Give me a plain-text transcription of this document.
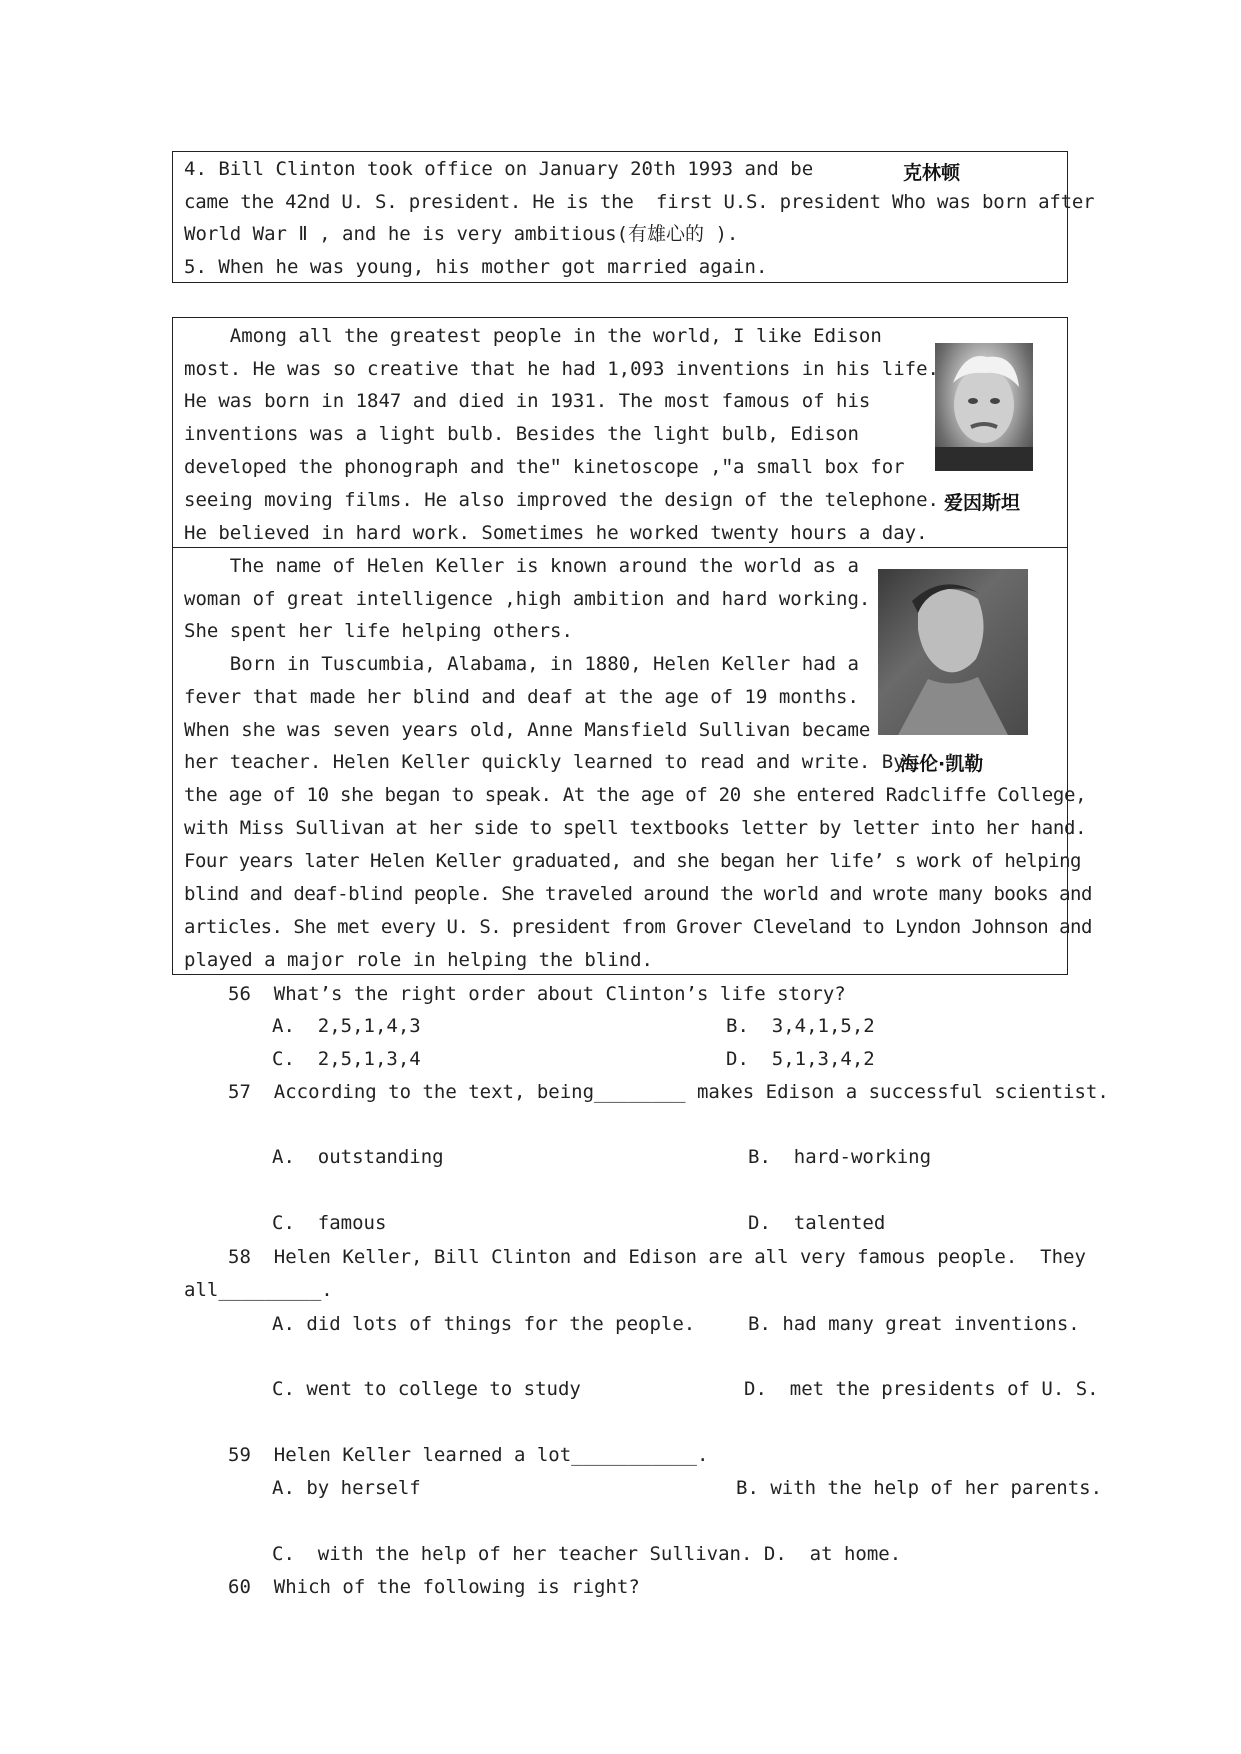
克林顿
4. Bill Clinton took office on January 20th 1993 and be
came the 42nd U. S. president. He is the  first U.S. president Who was born after
World War Ⅱ , and he is very ambitious(有雄心的 ).
5. When he was young, his mother got married again.
爱因斯坦
Among all the greatest people in the world, I like Edison
most. He was so creative that he had 1,093 inventions in his life.
He was born in 1847 and died in 1931. The most famous of his
inventions was a light bulb. Besides the light bulb, Edison
developed the phonograph and theʺ kinetoscope ,ʺa small box for
seeing moving films. He also improved the design of the telephone.
He believed in hard work. Sometimes he worked twenty hours a day.
海伦·凯勒
The name of Helen Keller is known around the world as a
woman of great intelligence ,high ambition and hard working.
She spent her life helping others.
Born in Tuscumbia, Alabama, in 1880, Helen Keller had a
fever that made her blind and deaf at the age of 19 months.
When she was seven years old, Anne Mansfield Sullivan became
her teacher. Helen Keller quickly learned to read and write. By
the age of 10 she began to speak. At the age of 20 she entered Radcliffe College,
with Miss Sullivan at her side to spell textbooks letter by letter into her hand.
Four years later Helen Keller graduated, and she began her life’ s work of helping
blind and deaf-blind people. She traveled around the world and wrote many books and
articles. She met every U. S. president from Grover Cleveland to Lyndon Johnson and
played a major role in helping the blind.
56  What’s the right order about Clinton’s life story?
A.  2,5,1,4,3	B.  3,4,1,5,2
C.  2,5,1,3,4	D.  5,1,3,4,2
57  According to the text, being________ makes Edison a successful scientist.
A.  outstanding	B.  hard-working
C.  famous	D.  talented
58  Helen Keller, Bill Clinton and Edison are all very famous people.  They
all_________.
A. did lots of things for the people.	B. had many great inventions.
C. went to college to study	D.  met the presidents of U. S.
59  Helen Keller learned a lot___________.
A. by herself	B. with the help of her parents.
C.  with the help of her teacher Sullivan. D.  at home.
60  Which of the following is right?
